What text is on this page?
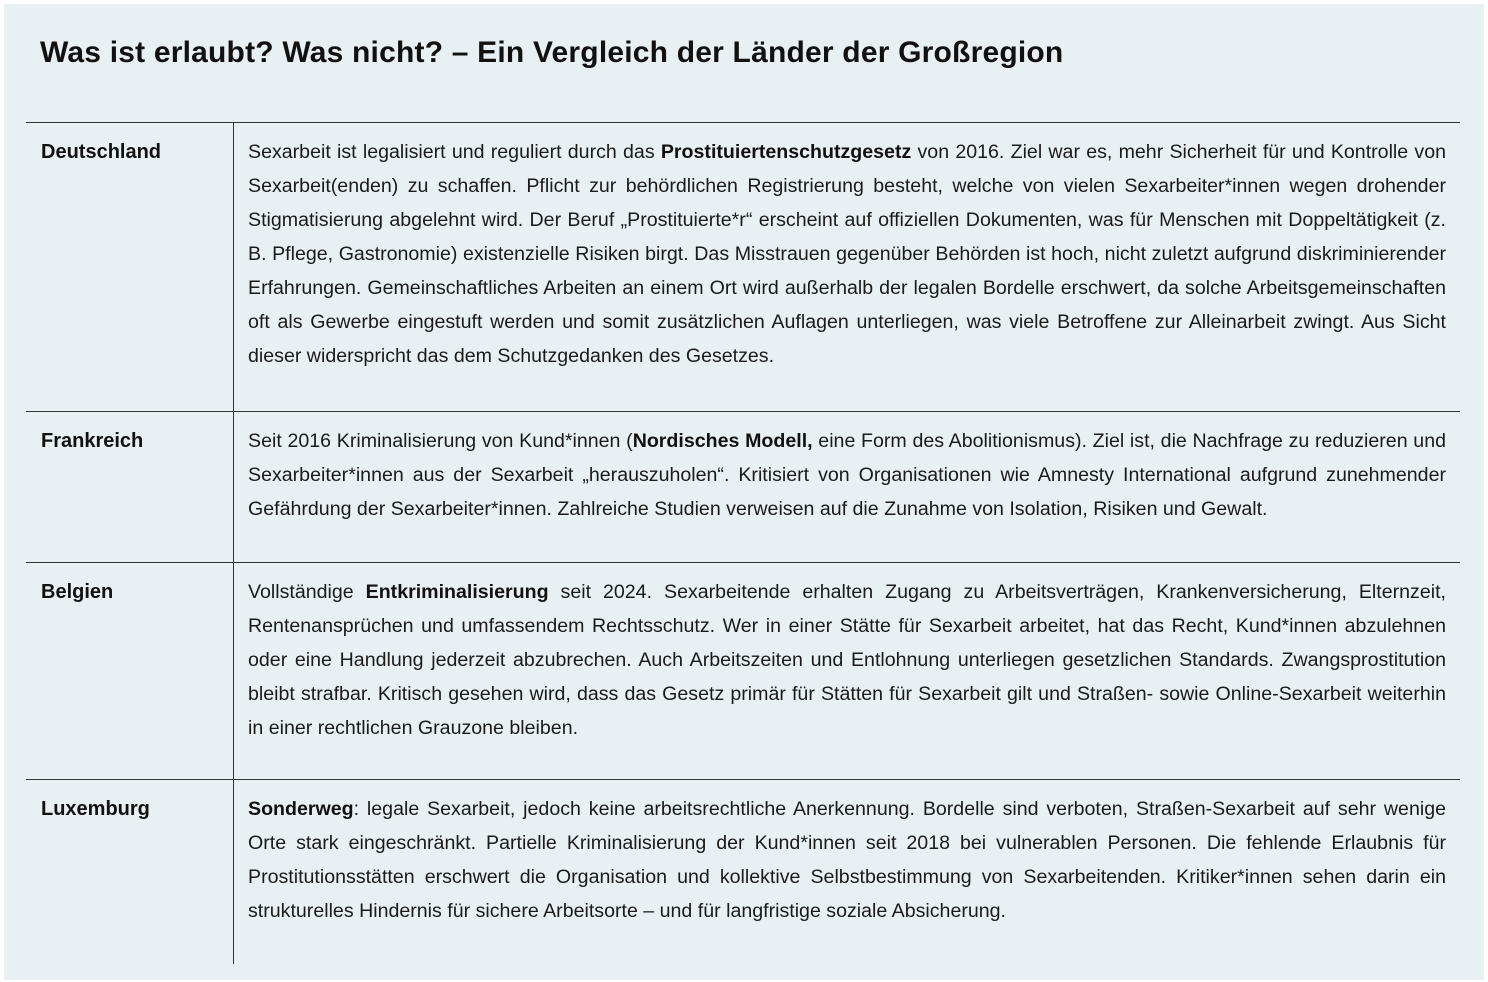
Was ist erlaubt? Was nicht? – Ein Vergleich der Länder der Großregion
Deutschland	Sexarbeit ist legalisiert und reguliert durch das Prostituiertenschutzgesetz von 2016. Ziel war es, mehr Sicherheit für und Kontrolle von Sexarbeit(enden) zu schaffen. Pflicht zur behördlichen Registrierung besteht, welche von vielen Sexarbeiter*innen wegen drohender Stigmatisierung abgelehnt wird. Der Beruf „Prostituierte*r“ erscheint auf offiziellen Dokumenten, was für Menschen mit Doppeltätigkeit (z. B. Pflege, Gastronomie) existenzielle Risiken birgt. Das Misstrauen gegenüber Behörden ist hoch, nicht zuletzt aufgrund diskriminierender Erfahrungen. Gemeinschaftliches Arbeiten an einem Ort wird außerhalb der legalen Bordelle erschwert, da solche Arbeitsgemeinschaften oft als Gewerbe eingestuft werden und somit zusätzlichen Auflagen unterliegen, was viele Betroffene zur Alleinarbeit zwingt. Aus Sicht dieser widerspricht das dem Schutzgedanken des Gesetzes.
Frankreich	Seit 2016 Kriminalisierung von Kund*innen (Nordisches Modell, eine Form des Abolitionismus). Ziel ist, die Nachfrage zu reduzieren und Sexarbeiter*innen aus der Sexarbeit „herauszuholen“. Kritisiert von Organisationen wie Amnesty International aufgrund zunehmender Gefährdung der Sexarbeiter*innen. Zahlreiche Studien verweisen auf die Zunahme von Isolation, Risiken und Gewalt.
Belgien	Vollständige Entkriminalisierung seit 2024. Sexarbeitende erhalten Zugang zu Arbeitsverträgen, Krankenversicherung, Elternzeit, Rentenansprüchen und umfassendem Rechtsschutz. Wer in einer Stätte für Sexarbeit arbeitet, hat das Recht, Kund*innen abzulehnen oder eine Handlung jederzeit abzubrechen. Auch Arbeitszeiten und Entlohnung unterliegen gesetzlichen Standards. Zwangsprostitution bleibt strafbar. Kritisch gesehen wird, dass das Gesetz primär für Stätten für Sexarbeit gilt und Straßen- sowie Online-Sexarbeit weiterhin in einer rechtlichen Grauzone bleiben.
Luxemburg	Sonderweg: legale Sexarbeit, jedoch keine arbeitsrechtliche Anerkennung. Bordelle sind verboten, Straßen-Sexarbeit auf sehr wenige Orte stark eingeschränkt. Partielle Kriminalisierung der Kund*innen seit 2018 bei vulnerablen Personen. Die fehlende Erlaubnis für Prostitutionsstätten erschwert die Organisation und kollektive Selbstbestimmung von Sexarbeitenden. Kritiker*innen sehen darin ein strukturelles Hindernis für sichere Arbeitsorte – und für langfristige soziale Absicherung.
